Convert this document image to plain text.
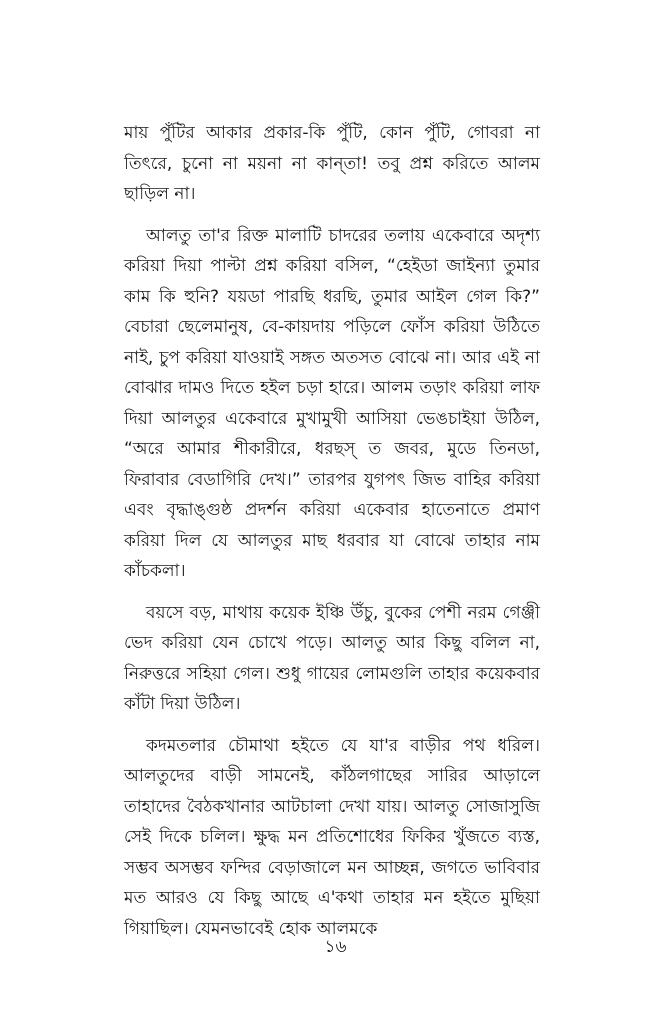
মায় পুঁটির আকার প্রকার-কি পুঁটি, কোন পুঁটি, গোবরা না তিৎরে, চুনো না ময়না না কান্‌তা! তবু প্রশ্ন করিতে আলম ছাড়িল না।

আলতু তা'র রিক্ত মালাটি চাদরের তলায় একেবারে অদৃশ্য করিয়া দিয়া পাল্টা প্রশ্ন করিয়া বসিল, “হেইডা জাইন্যা তুমার কাম কি হুনি? যয়ডা পারছি ধরছি, তুমার আইল গেল কি?” বেচারা ছেলেমানুষ, বে-কায়দায় পড়িলে ফোঁস করিয়া উঠিতে নাই, চুপ করিয়া যাওয়াই সঙ্গত অতসত বোঝে না। আর এই না বোঝার দামও দিতে হইল চড়া হারে। আলম তড়াং করিয়া লাফ দিয়া আলতুর একেবারে মুখামুখী আসিয়া ভেঙচাইয়া উঠিল, “অরে আমার শীকারীরে, ধরছস্ ত জবর, মুডে তিনডা, ফিরাবার বেডাগিরি দেখ।” তারপর যুগপৎ জিভ বাহির করিয়া এবং বৃদ্ধাঙ্গুষ্ঠ প্রদর্শন করিয়া একেবার হাতেনাতে প্রমাণ করিয়া দিল যে আলতুর মাছ ধরবার যা বোঝে তাহার নাম কাঁচকলা।

বয়সে বড়, মাথায় কয়েক ইঞ্চি উঁচু, বুকের পেশী নরম গেঞ্জী ভেদ করিয়া যেন চোখে পড়ে। আলতু আর কিছু বলিল না, নিরুত্তরে সহিয়া গেল। শুধু গায়ের লোমগুলি তাহার কয়েকবার কাঁটা দিয়া উঠিল।

কদমতলার চৌমাথা হইতে যে যা'র বাড়ীর পথ ধরিল। আলতুদের বাড়ী সামনেই, কাঁঠলগাছের সারির আড়ালে তাহাদের বৈঠকখানার আটচালা দেখা যায়। আলতু সোজাসুজি সেই দিকে চলিল। ক্ষুদ্ধ মন প্রতিশোধের ফিকির খুঁজতে ব্যস্ত, সম্ভব অসম্ভব ফন্দির বেড়াজালে মন আচ্ছন্ন, জগতে ভাবিবার মত আরও যে কিছু আছে এ'কথা তাহার মন হইতে মুছিয়া গিয়াছিল। যেমনভাবেই হোক আলমকে

১৬
